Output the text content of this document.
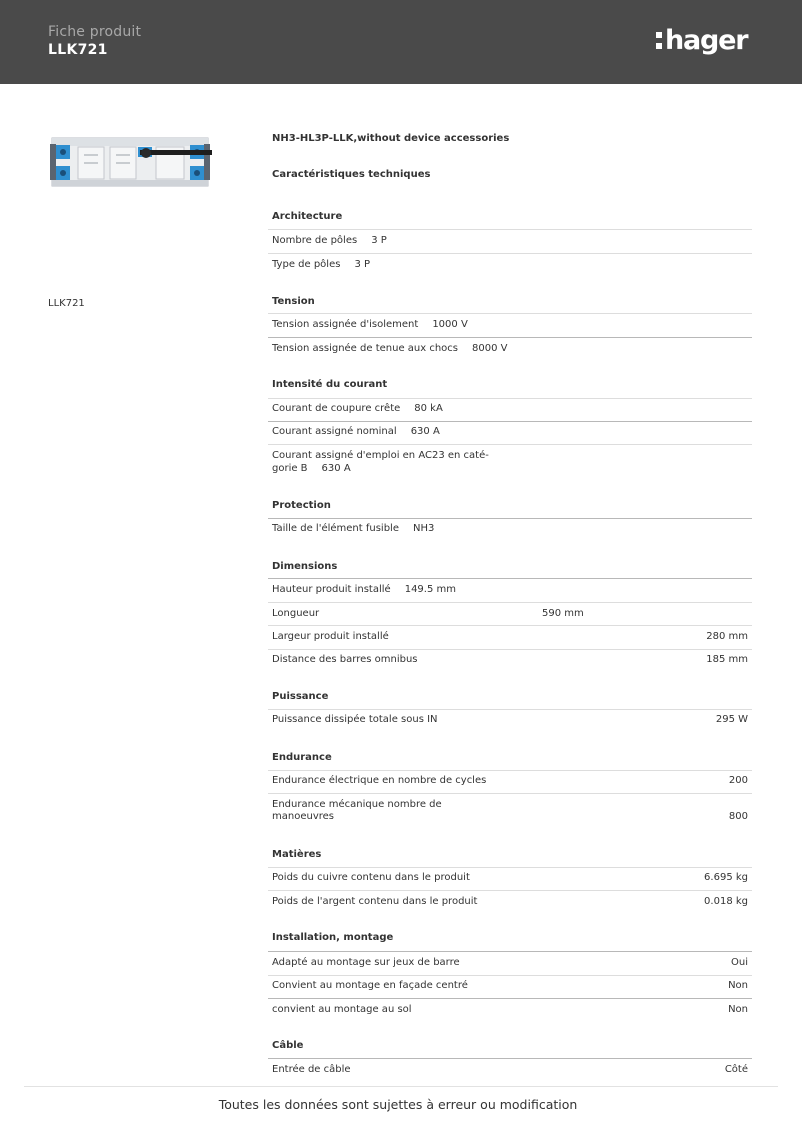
Fiche produit
LLK721	hager
LLK721
NH3-HL3P-LLK,without device accessories
Caractéristiques techniques
Architecture
Nombre de pôles 3 P
Type de pôles 3 P
Tension
Tension assignée d'isolement 1000 V
Tension assignée de tenue aux chocs 8000 V
Intensité du courant
Courant de coupure crête 80 kA
Courant assigné nominal 630 A
Courant assigné d'emploi en AC23 en caté-
gorie B 630 A
Protection
Taille de l'élément fusible NH3
Dimensions
Hauteur produit installé 149.5 mm
Longueur	590 mm
Largeur produit installé	280 mm
Distance des barres omnibus	185 mm
Puissance
Puissance dissipée totale sous IN	295 W
Endurance
Endurance électrique en nombre de cycles	200
Endurance mécanique nombre de
manoeuvres	800
Matières
Poids du cuivre contenu dans le produit	6.695 kg
Poids de l'argent contenu dans le produit	0.018 kg
Installation, montage
Adapté au montage sur jeux de barre	Oui
Convient au montage en façade centré	Non
convient au montage au sol	Non
Câble
Entrée de câble	Côté
Toutes les données sont sujettes à erreur ou modification
